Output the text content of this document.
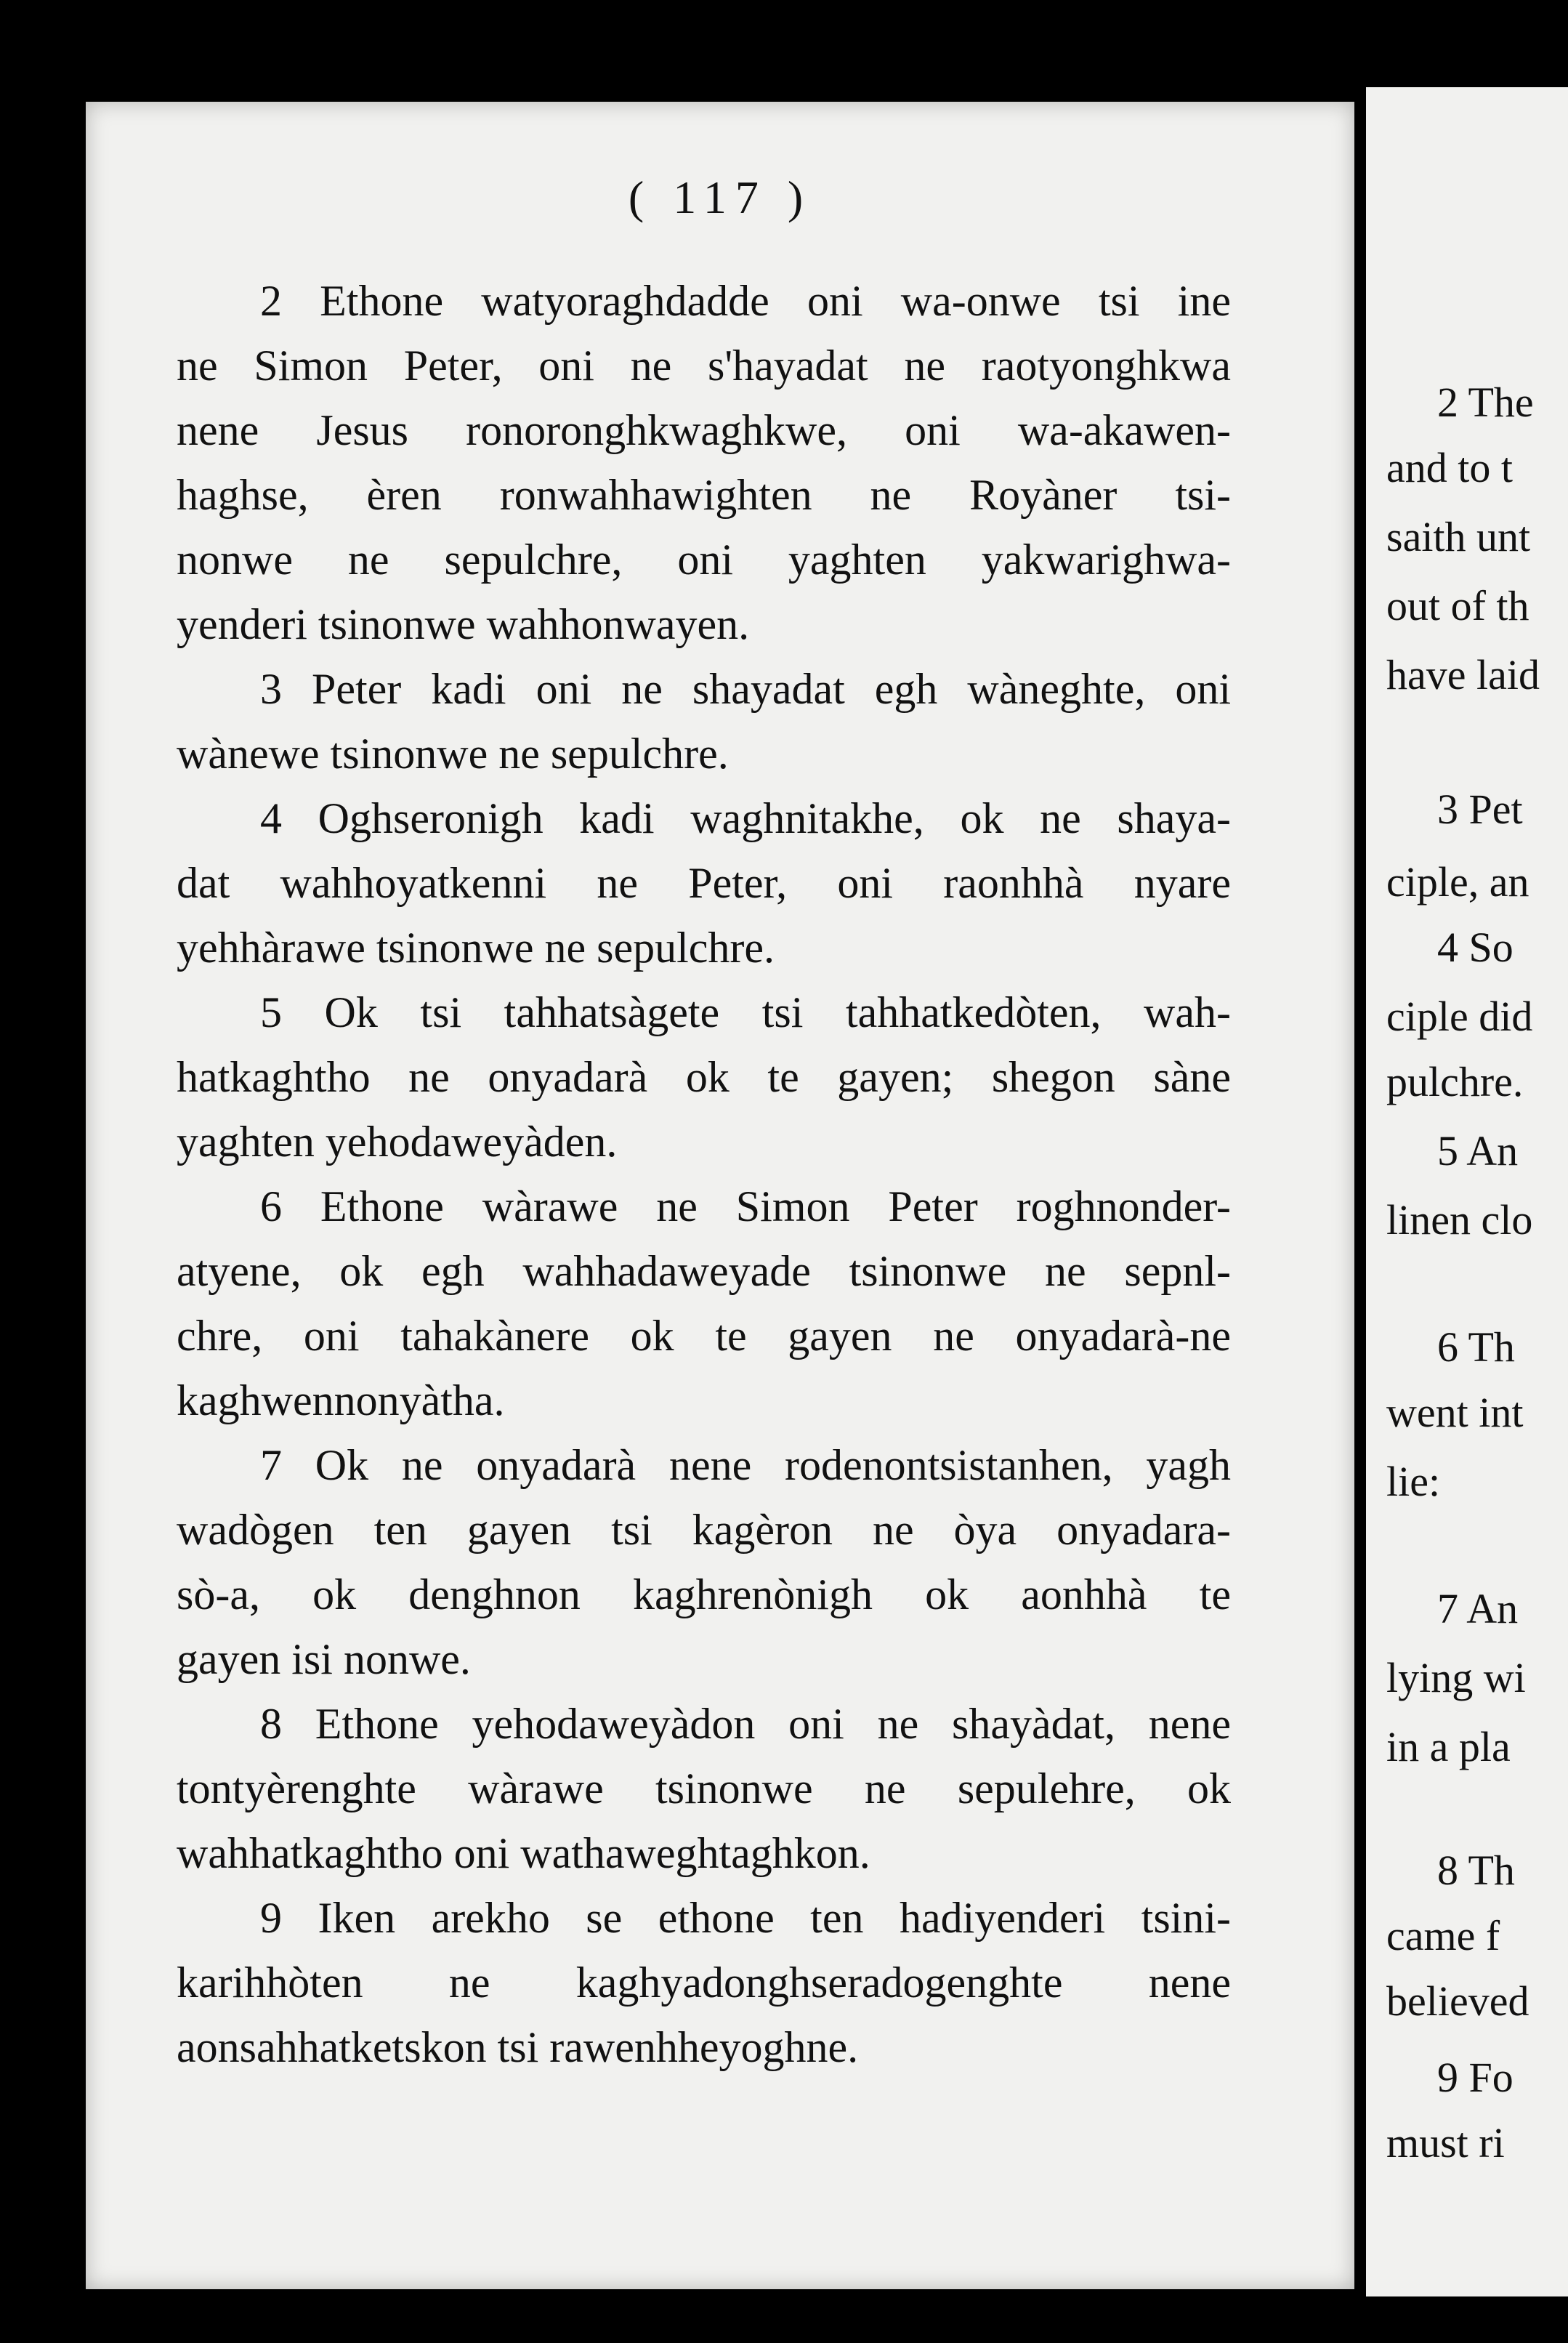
( 117 )
2 Ethone watyoraghdadde oni wa-onwe tsi ine
ne Simon Peter, oni ne s'hayadat ne raotyonghkwa
nene Jesus ronoronghkwaghkwe, oni wa-akawen-
haghse, èren ronwahhawighten ne Royàner tsi-
nonwe ne sepulchre, oni yaghten yakwarighwa-
yenderi tsinonwe wahhonwayen.
3 Peter kadi oni ne shayadat egh wàneghte, oni
wànewe tsinonwe ne sepulchre.
4 Oghseronigh kadi waghnitakhe, ok ne shaya-
dat wahhoyatkenni ne Peter, oni raonhhà nyare
yehhàrawe tsinonwe ne sepulchre.
5 Ok tsi tahhatsàgete tsi tahhatkedòten, wah-
hatkaghtho ne onyadarà ok te gayen; shegon sàne
yaghten yehodaweyàden.
6 Ethone wàrawe ne Simon Peter roghnonder-
atyene, ok egh wahhadaweyade tsinonwe ne sepnl-
chre, oni tahakànere ok te gayen ne onyadarà-ne
kaghwennonyàtha.
7 Ok ne onyadarà nene rodenontsistanhen, yagh
wadògen ten gayen tsi kagèron ne òya onyadara-
sò-a, ok denghnon kaghrenònigh ok aonhhà te
gayen isi nonwe.
8 Ethone yehodaweyàdon oni ne shayàdat, nene
tontyèrenghte wàrawe tsinonwe ne sepulehre, ok
wahhatkaghtho oni wathaweghtaghkon.
9 Iken arekho se ethone ten hadiyenderi tsini-
karihhòten ne kaghyadonghseradogenghte nene
aonsahhatketskon tsi rawenhheyoghne.
2 The
and to t
saith unt
out of th
have laid
3 Pet
ciple, an
4 So
ciple did
pulchre.
5 An
linen clo
6 Th
went int
lie:
7 An
lying wi
in a pla
8 Th
came f
believed
9 Fo
must ri
